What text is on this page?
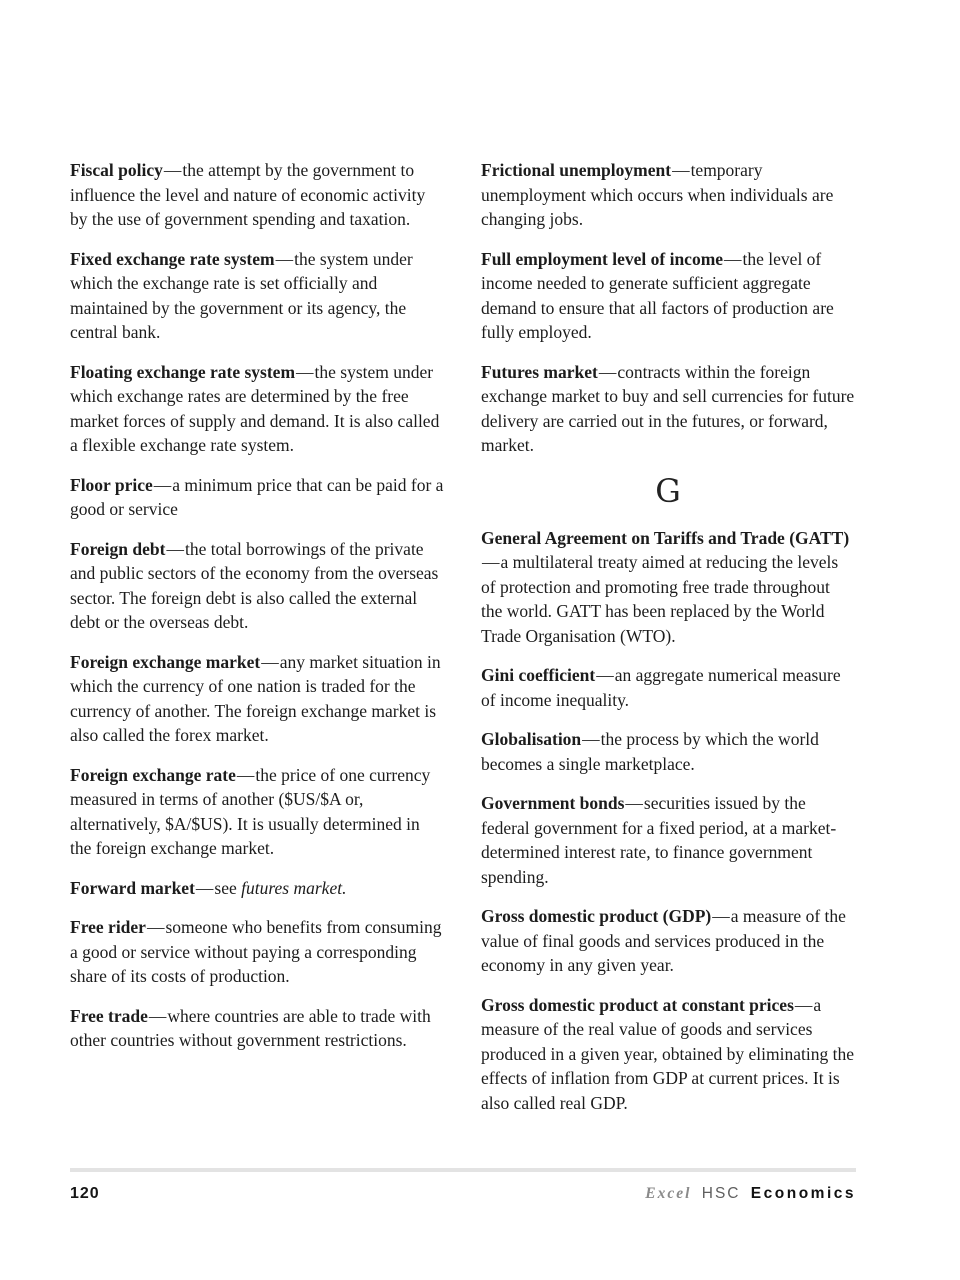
Fiscal policy—the attempt by the government to influence the level and nature of economic activity by the use of government spending and taxation.

Fixed exchange rate system—the system under which the exchange rate is set officially and maintained by the government or its agency, the central bank.

Floating exchange rate system—the system under which exchange rates are determined by the free market forces of supply and demand. It is also called a flexible exchange rate system.

Floor price—a minimum price that can be paid for a good or service

Foreign debt—the total borrowings of the private and public sectors of the economy from the overseas sector. The foreign debt is also called the external debt or the overseas debt.

Foreign exchange market—any market situation in which the currency of one nation is traded for the currency of another. The foreign exchange market is also called the forex market.

Foreign exchange rate—the price of one currency measured in terms of another ($US/$A or, alternatively, $A/$US). It is usually determined in the foreign exchange market.

Forward market—see futures market.

Free rider—someone who benefits from consuming a good or service without paying a corresponding share of its costs of production.

Free trade—where countries are able to trade with other countries without government restrictions.

Frictional unemployment—temporary unemployment which occurs when individuals are changing jobs.

Full employment level of income—the level of income needed to generate sufficient aggregate demand to ensure that all factors of production are fully employed.

Futures market—contracts within the foreign exchange market to buy and sell currencies for future delivery are carried out in the futures, or forward, market.

G

General Agreement on Tariffs and Trade (GATT)—a multilateral treaty aimed at reducing the levels of protection and promoting free trade throughout the world. GATT has been replaced by the World Trade Organisation (WTO).

Gini coefficient—an aggregate numerical measure of income inequality.

Globalisation—the process by which the world becomes a single marketplace.

Government bonds—securities issued by the federal government for a fixed period, at a market-determined interest rate, to finance government spending.

Gross domestic product (GDP)—a measure of the value of final goods and services produced in the economy in any given year.

Gross domestic product at constant prices—a measure of the real value of goods and services produced in a given year, obtained by eliminating the effects of inflation from GDP at current prices. It is also called real GDP.

120	Excel HSC Economics
